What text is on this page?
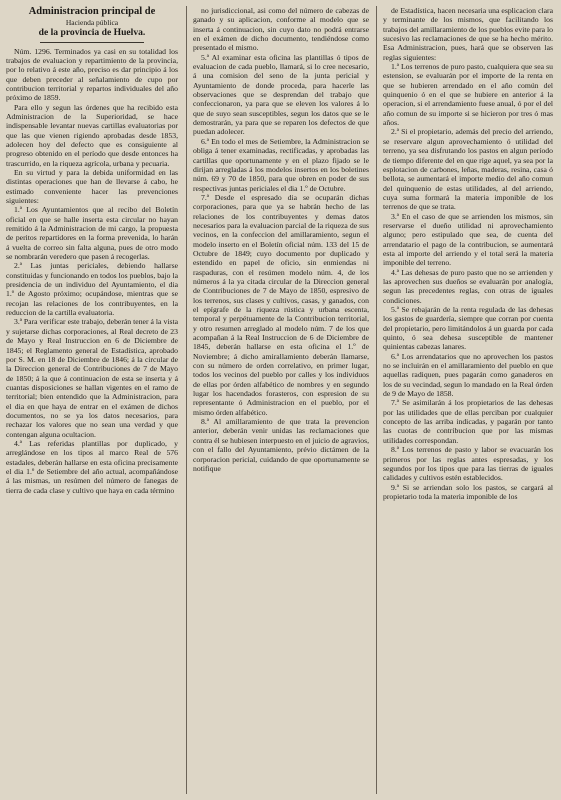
Administracion principal de
Hacienda pública
de la provincia de Huelva.

Núm. 1296. Terminados ya casi en su totalidad los trabajos de evaluacion y repartimiento de la provincia, por lo relativo á este año, preciso es dar principio á los que deben preceder al señalamiento de cupo por contribucion territorial y repartos individuales del año próximo de 1859.

Para ello y segun las órdenes que ha recibido esta Administracion de la Superioridad, se hace indispensable levantar nuevas cartillas evaluatorias por que las que vienen rigiendo aprobadas desde 1853, adolecen hoy del defecto que es consiguiente al progreso obtenido en el período que desde entonces ha trascurrido, en la riqueza agrícola, urbana y pecuaria.

En su virtud y para la debida uniformidad en las distintas operaciones que han de llevarse á cabo, he estimado conveniente hacer las prevenciones siguientes:

1.ª Los Ayuntamientos que al recibo del Boletín oficial en que se halle inserta esta circular no hayan remitido á la Administracion de mi cargo, la propuesta de peritos repartidores en la forma prevenida, lo harán á vuelta de correo sin falta alguna, pues de otro modo se nombrarán veredero que pasen á recogerlas.

2.ª Las juntas periciales, debiendo hallarse constituidas y funcionando en todos los pueblos, bajo la presidencia de un individuo del Ayuntamiento, el dia 1.º de Agosto próximo; ocupándose, mientras que se recojan las relaciones de los contribuyentes, en la reduccion de la cartilla evaluatoria.

3.ª Para verificar este trabajo, deberán tener á la vista y sujetarse dichas corporaciones, al Real decreto de 23 de Mayo y Real Instruccion en 6 de Diciembre de 1845; el Reglamento general de Estadística, aprobado por S. M. en 18 de Diciembre de 1846; á la circular de la Direccion general de Contribuciones de 7 de Mayo de 1850; á la que á continuacion de esta se inserta y á cuantas disposiciones se hallan vigentes en el ramo de territorial; bien entendido que la Administracion, para el dia en que haya de entrar en el exámen de dichos documentos, no se ya los datos necesarios, para rechazar los valores que no sean una verdad y que contengan alguna ocultacion.

4.ª Las referidas plantillas por duplicado, y arreglándose en los tipos al marco Real de 576 estadales, deberán hallarse en esta oficina precisamente el dia 1.º de Setiembre del año actual, acompañándose á las mismas, un resúmen del número de fanegas de tierra de cada clase y cultivo que haya en cada término

no jurisdiccional, asi como del número de cabezas de ganado y su aplicacion, conforme al modelo que se inserta á continuacion, sin cuyo dato no podrá entrarse en el exámen de dicho documento, tendiéndose como presentado el mismo.

5.ª Al examinar esta oficina las plantillas ó tipos de evaluacion de cada pueblo, llamará, si lo cree necesario, á una comision del seno de la junta pericial y Ayuntamiento de donde proceda, para hacerle las observaciones que se desprendan del trabajo que confeccionaron, ya para que se eleven los valores á lo que de suyo sean susceptibles, segun los datos que se le demostrarán, ya para que se reparen los defectos de que puedan adolecer.

6.ª En todo el mes de Setiembre, la Administracion se obliga á tener examinadas, rectificadas, y aprobadas las cartillas que oportunamente y en el plazo fijado se le dirijan arregladas á los modelos insertos en los boletines núm. 69 y 70 de 1850, para que obren en poder de sus respectivas juntas periciales el dia 1.º de Octubre.

7.ª Desde el espresado dia se ocuparán dichas corporaciones, para que ya se habrán hecho de las relaciones de los contribuyentes y demas datos necesarios para la evaluacion parcial de la riqueza de sus vecinos, en la confeccion del amillaramiento, segun el modelo inserto en el Boletín oficial núm. 133 del 15 de Octubre de 1849; cuyo documento por duplicado y estendido en papel de oficio, sin enmiendas ni raspaduras, con el resúmen modelo núm. 4, de los números á la ya citada circular de la Direccion general de Contribuciones de 7 de Mayo de 1850, espresivo de los terrenos, sus clases y cultivos, casas, y ganados, con el epígrafe de la riqueza rústica y urbana escenta, temporal y perpétuamente de la Contribucion territorial, y otro resumen arreglado al modelo núm. 7 de los que acompañan á la Real Instruccion de 6 de Diciembre de 1845, deberán hallarse en esta oficina el 1.º de Noviembre; á dicho amirallamiento deberán llamarse, con su número de orden correlativo, en primer lugar, todos los vecinos del pueblo por calles y los individuos de ellas por órden alfabético de nombres y en segundo lugar los hacendados forasteros, con espresion de su representante ó Administracion en el pueblo, por el mismo órden alfabético.

8.ª Al amillaramiento de que trata la prevencion anterior, deberán venir unidas las reclamaciones que contra él se hubiesen interpuesto en el juicio de agravios, con el fallo del Ayuntamiento, prévio dictámen de la corporacion pericial, cuidando de que oportunamente se notifique

de Estadística, hacen necesaria una esplicacion clara y terminante de los mismos, que facilitando los trabajos del amillaramiento de los pueblos evite para lo sucesivo las reclamaciones de que se ha hecho mérito. Esa Administracion, pues, hará que se observen las reglas siguientes:

1.ª Los terrenos de puro pasto, cualquiera que sea su estension, se evaluarán por el importe de la renta en que se hubieren arrendado en el año común del quinquenio ó en el que se hubiere en anterior á la operacion, si el arrendamiento fuese anual, ó por el del año comun de su importe si se hicieron por tres ó mas años.

2.ª Si el propietario, además del precio del arriendo, se reservare algun aprovechamiento ó utilidad del terreno, ya sea disfrutando los pastos en algun período de tiempo diferente del en que rige aquel, ya sea por la esplotacion de carbones, leñas, maderas, resina, casa ó bellota, se aumentará el importe medio del año comun del quinquenio de estas utilidades, al del arriendo, cuya suma formará la materia imponible de los terrenos de que se trata.

3.ª En el caso de que se arrienden los mismos, sin reservarse el dueño utilidad ni aprovechamiento alguno; pero estipulado que sea, de cuenta del arrendatario el pago de la contribucion, se aumentará esta al importe del arriendo y el total será la materia imponible del terreno.

4.ª Las dehesas de puro pasto que no se arrienden y las aprovechen sus dueños se evaluarán por analogía, segun las precedentes reglas, con otras de iguales condiciones.

5.ª Se rebajarán de la renta regulada de las dehesas los gastos de guardería, siempre que corran por cuenta del propietario, pero limitándolos á un guarda por cada quinto, ó sea dehesa susceptible de mantener quinientas cabezas lanares.

6.ª Los arrendatarios que no aprovechen los pastos no se incluirán en el amillaramiento del pueblo en que aquellas radiquen, pues pagarán como ganaderos en los de su vecindad, segun lo mandado en la Real órden de 9 de Mayo de 1858.

7.ª Se asimilarán á los propietarios de las dehesas por las utilidades que de ellas perciban por cualquier concepto de las arriba indicadas, y pagarán por tanto las cuotas de contribucion que por las mismas utilidades correspondan.

8.ª Los terrenos de pasto y labor se evacuarán los primeros por las reglas antes espresadas, y los segundos por los tipos que para las tierras de iguales calidades y cultivos estén establecidos.

9.ª Si se arriendan solo los pastos, se cargará al propietario toda la materia imponible de los
